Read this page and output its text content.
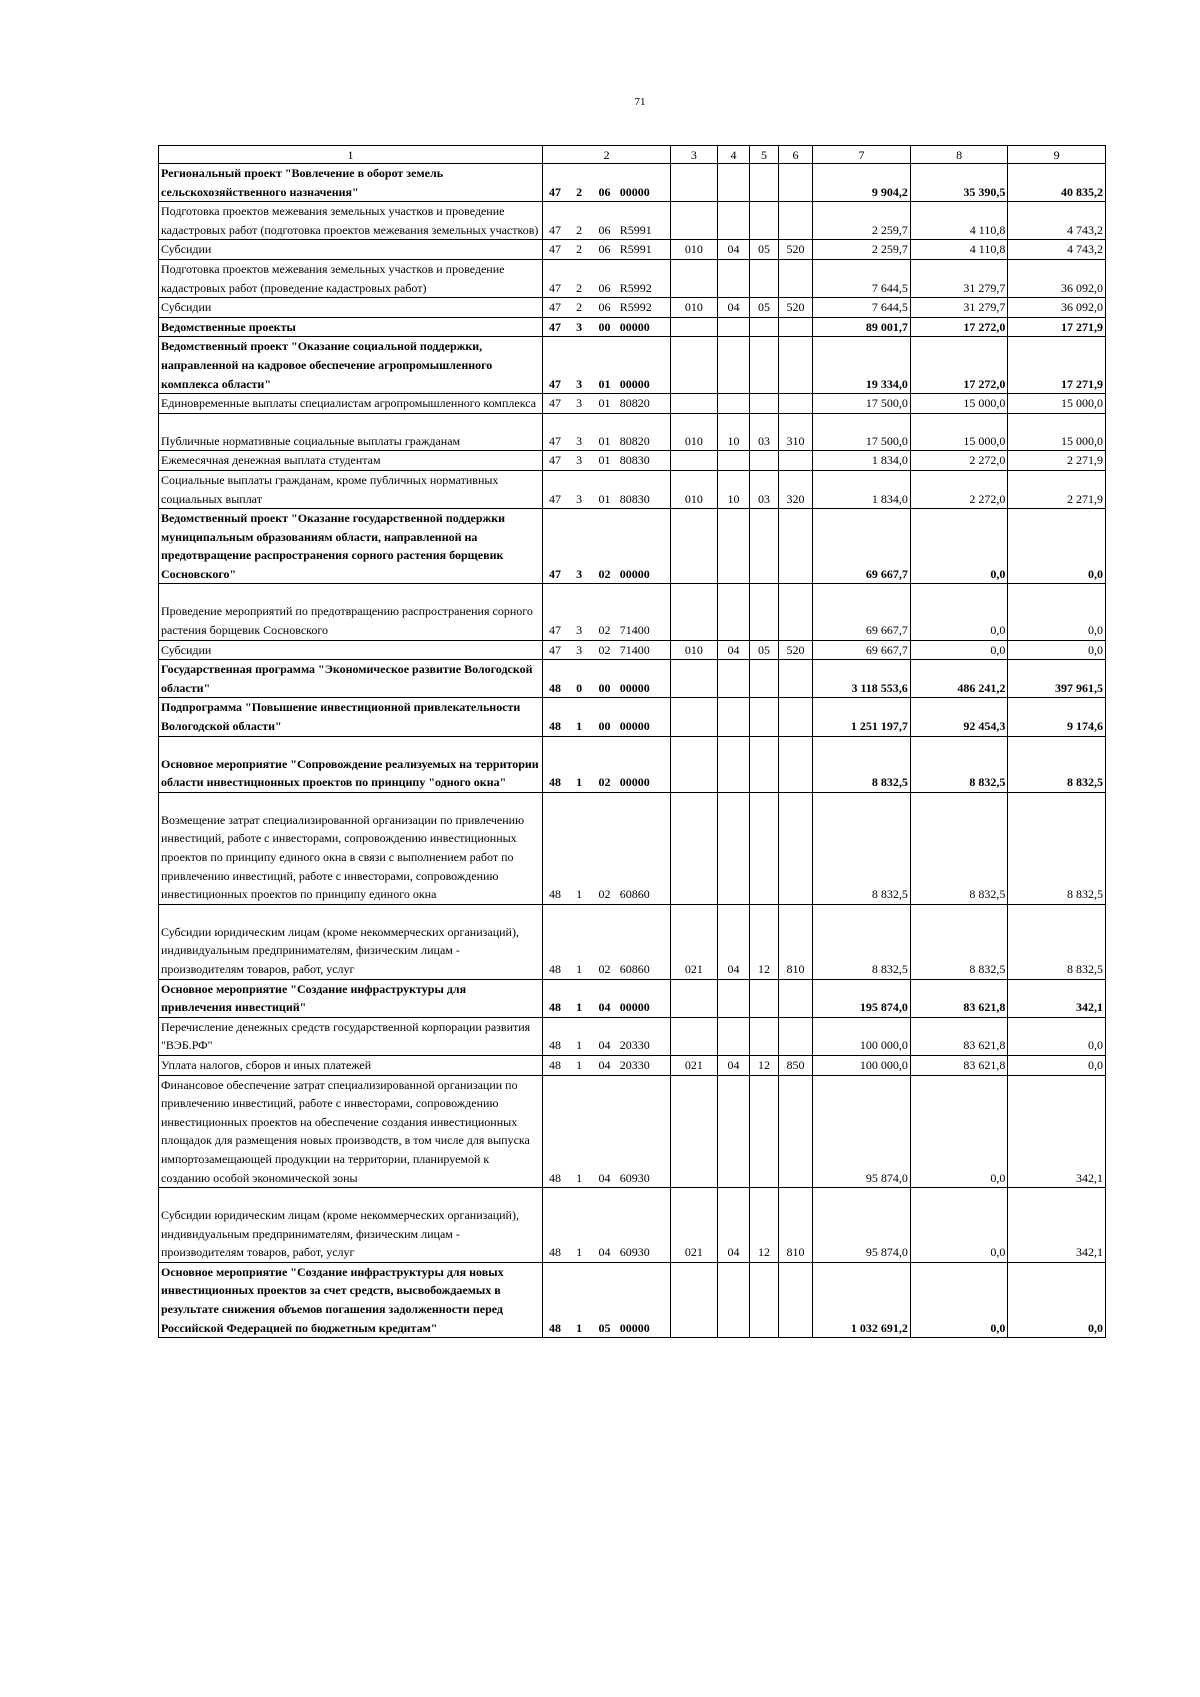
71
1	2				3	4	5	6	7	8	9
Региональный проект "Вовлечение в оборот земель сельскохозяйственного назначения"	47	2	06	00000					9 904,2	35 390,5	40 835,2
Подготовка проектов межевания земельных участков и проведение кадастровых работ (подготовка проектов межевания земельных участков)	47	2	06	R5991					2 259,7	4 110,8	4 743,2
Субсидии	47	2	06	R5991	010	04	05	520	2 259,7	4 110,8	4 743,2
Подготовка проектов межевания земельных участков и проведение кадастровых работ (проведение кадастровых работ)	47	2	06	R5992					7 644,5	31 279,7	36 092,0
Субсидии	47	2	06	R5992	010	04	05	520	7 644,5	31 279,7	36 092,0
Ведомственные проекты	47	3	00	00000					89 001,7	17 272,0	17 271,9
Ведомственный проект "Оказание социальной поддержки, направленной на кадровое обеспечение агропромышленного комплекса области"	47	3	01	00000					19 334,0	17 272,0	17 271,9
Единовременные выплаты специалистам агропромышленного комплекса	47	3	01	80820					17 500,0	15 000,0	15 000,0
Публичные нормативные социальные выплаты гражданам	47	3	01	80820	010	10	03	310	17 500,0	15 000,0	15 000,0
Ежемесячная денежная выплата студентам	47	3	01	80830					1 834,0	2 272,0	2 271,9
Социальные выплаты гражданам, кроме публичных нормативных социальных выплат	47	3	01	80830	010	10	03	320	1 834,0	2 272,0	2 271,9
Ведомственный проект "Оказание государственной поддержки муниципальным образованиям области, направленной на предотвращение распространения сорного растения борщевик Сосновского"	47	3	02	00000					69 667,7	0,0	0,0
Проведение мероприятий по предотвращению распространения сорного растения борщевик Сосновского	47	3	02	71400					69 667,7	0,0	0,0
Субсидии	47	3	02	71400	010	04	05	520	69 667,7	0,0	0,0
Государственная программа "Экономическое развитие Вологодской области"	48	0	00	00000					3 118 553,6	486 241,2	397 961,5
Подпрограмма "Повышение инвестиционной привлекательности Вологодской области"	48	1	00	00000					1 251 197,7	92 454,3	9 174,6
Основное мероприятие "Сопровождение реализуемых на территории области инвестиционных проектов по принципу "одного окна"	48	1	02	00000					8 832,5	8 832,5	8 832,5
Возмещение затрат специализированной организации по привлечению инвестиций, работе с инвесторами, сопровождению инвестиционных проектов по принципу единого окна в связи с выполнением работ по привлечению инвестиций, работе с инвесторами, сопровождению инвестиционных проектов по принципу единого окна	48	1	02	60860					8 832,5	8 832,5	8 832,5
Субсидии юридическим лицам (кроме некоммерческих организаций), индивидуальным предпринимателям, физическим лицам - производителям товаров, работ, услуг	48	1	02	60860	021	04	12	810	8 832,5	8 832,5	8 832,5
Основное мероприятие "Создание инфраструктуры для привлечения инвестиций"	48	1	04	00000					195 874,0	83 621,8	342,1
Перечисление денежных средств государственной корпорации развития "ВЭБ.РФ"	48	1	04	20330					100 000,0	83 621,8	0,0
Уплата налогов, сборов и иных платежей	48	1	04	20330	021	04	12	850	100 000,0	83 621,8	0,0
Финансовое обеспечение затрат специализированной организации по привлечению инвестиций, работе с инвесторами, сопровождению инвестиционных проектов на обеспечение создания инвестиционных площадок для размещения новых производств, в том числе для выпуска импортозамещающей продукции на территории, планируемой к созданию особой экономической зоны	48	1	04	60930					95 874,0	0,0	342,1
Субсидии юридическим лицам (кроме некоммерческих организаций), индивидуальным предпринимателям, физическим лицам - производителям товаров, работ, услуг	48	1	04	60930	021	04	12	810	95 874,0	0,0	342,1
Основное мероприятие "Создание инфраструктуры для новых инвестиционных проектов за счет средств, высвобождаемых в результате снижения объемов погашения задолженности перед Российской Федерацией по бюджетным кредитам"	48	1	05	00000					1 032 691,2	0,0	0,0
